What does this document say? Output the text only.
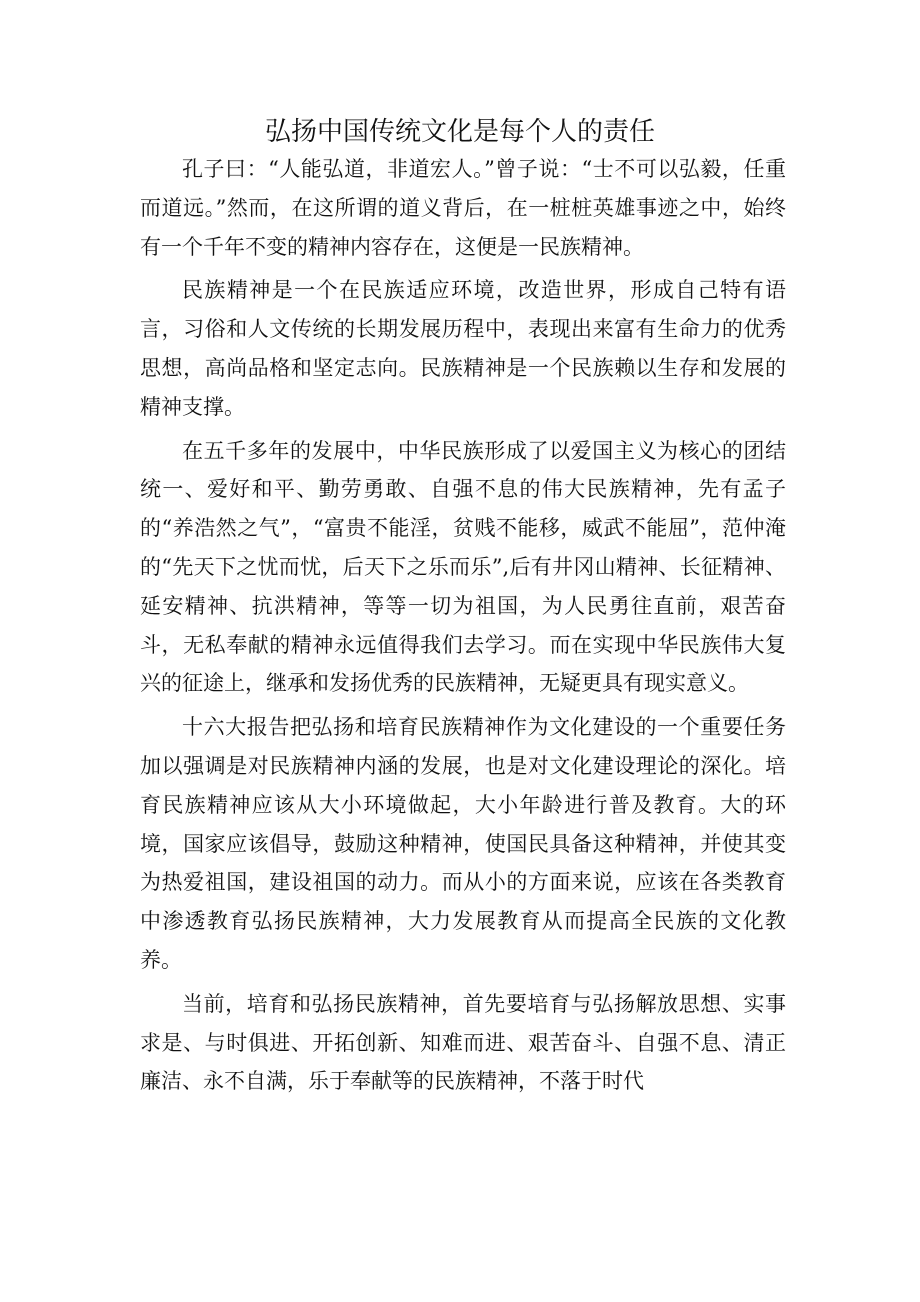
弘扬中国传统文化是每个人的责任

孔子曰：“人能弘道，非道宏人。”曾子说：“士不可以弘毅，任重而道远。”然而，在这所谓的道义背后，在一桩桩英雄事迹之中，始终有一个千年不变的精神内容存在，这便是一民族精神。

民族精神是一个在民族适应环境，改造世界，形成自己特有语言，习俗和人文传统的长期发展历程中，表现出来富有生命力的优秀思想，高尚品格和坚定志向。民族精神是一个民族赖以生存和发展的精神支撑。

在五千多年的发展中，中华民族形成了以爱国主义为核心的团结统一、爱好和平、勤劳勇敢、自强不息的伟大民族精神，先有孟子的“养浩然之气”，“富贵不能淫，贫贱不能移，威武不能屈”，范仲淹的“先天下之忧而忧，后天下之乐而乐”,后有井冈山精神、长征精神、延安精神、抗洪精神，等等一切为祖国，为人民勇往直前，艰苦奋斗，无私奉献的精神永远值得我们去学习。而在实现中华民族伟大复兴的征途上，继承和发扬优秀的民族精神，无疑更具有现实意义。

十六大报告把弘扬和培育民族精神作为文化建设的一个重要任务加以强调是对民族精神内涵的发展，也是对文化建设理论的深化。培育民族精神应该从大小环境做起，大小年龄进行普及教育。大的环境，国家应该倡导，鼓励这种精神，使国民具备这种精神，并使其变为热爱祖国，建设祖国的动力。而从小的方面来说，应该在各类教育中渗透教育弘扬民族精神，大力发展教育从而提高全民族的文化教养。

当前，培育和弘扬民族精神，首先要培育与弘扬解放思想、实事求是、与时俱进、开拓创新、知难而进、艰苦奋斗、自强不息、清正廉洁、永不自满，乐于奉献等的民族精神，不落于时代
